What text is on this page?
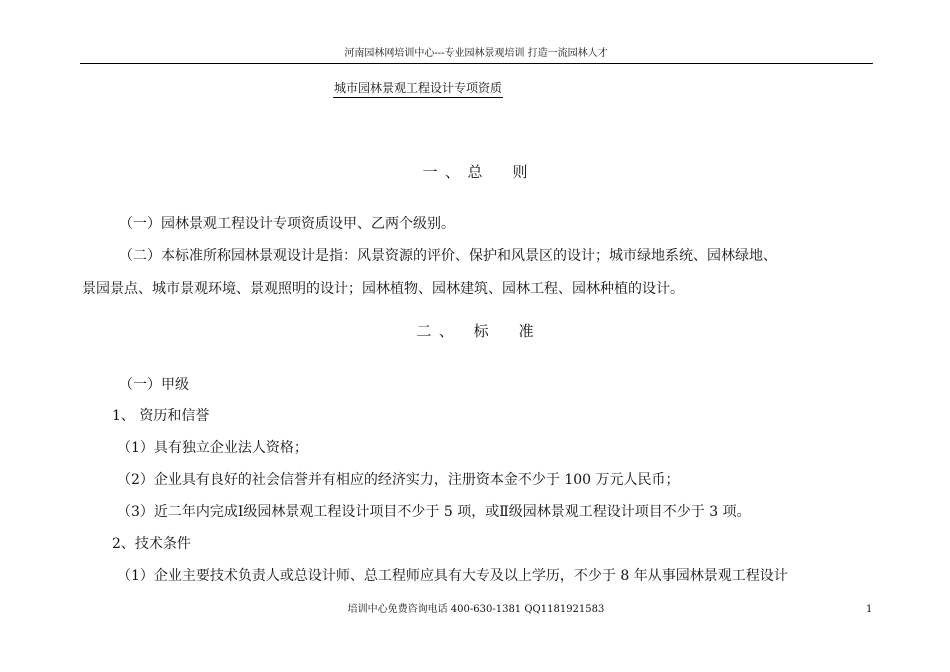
河南园林网培训中心---专业园林景观培训 打造一流园林人才
.
城市园林景观工程设计专项资质
一、总　则
（一）园林景观工程设计专项资质设甲、乙两个级别。
（二）本标准所称园林景观设计是指：风景资源的评价、保护和风景区的设计；城市绿地系统、园林绿地、
景园景点、城市景观环境、景观照明的设计；园林植物、园林建筑、园林工程、园林种植的设计。
二、 标　准
（一）甲级
1、 资历和信誉
（1）具有独立企业法人资格；
（2）企业具有良好的社会信誉并有相应的经济实力，注册资本金不少于 100 万元人民币；
（3）近二年内完成Ⅰ级园林景观工程设计项目不少于 5 项，或Ⅱ级园林景观工程设计项目不少于 3 项。
2、技术条件
（1）企业主要技术负责人或总设计师、总工程师应具有大专及以上学历，不少于 8 年从事园林景观工程设计
培训中心免费咨询电话 400-630-1381 QQ1181921583	1
